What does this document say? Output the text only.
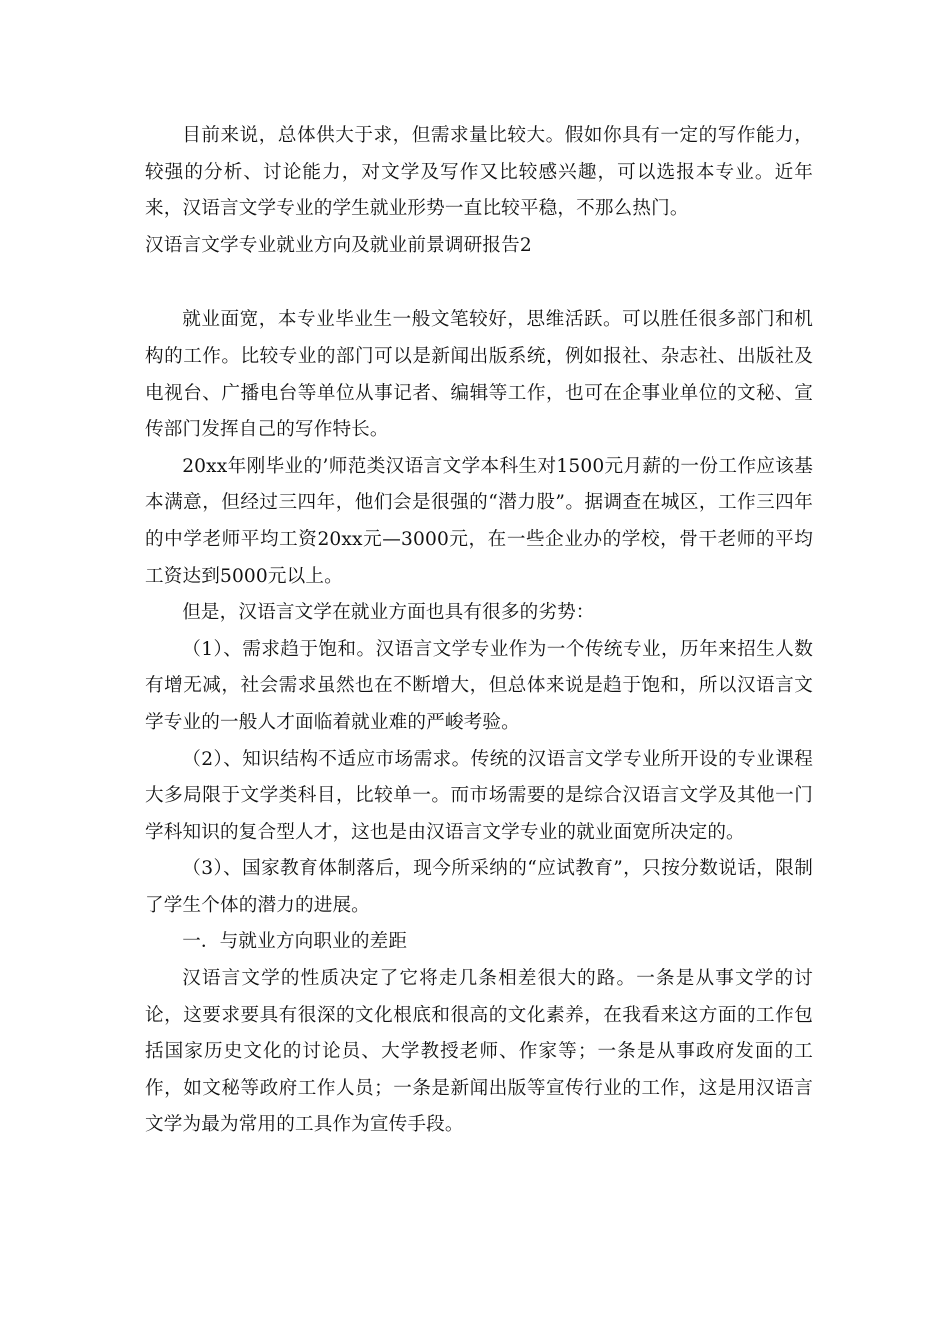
目前来说，总体供大于求，但需求量比较大。假如你具有一定的写作能力，较强的分析、讨论能力，对文学及写作又比较感兴趣，可以选报本专业。近年来，汉语言文学专业的学生就业形势一直比较平稳，不那么热门。

汉语言文学专业就业方向及就业前景调研报告2

就业面宽，本专业毕业生一般文笔较好，思维活跃。可以胜任很多部门和机构的工作。比较专业的部门可以是新闻出版系统，例如报社、杂志社、出版社及电视台、广播电台等单位从事记者、编辑等工作，也可在企事业单位的文秘、宣传部门发挥自己的写作特长。

20xx年刚毕业的’师范类汉语言文学本科生对1500元月薪的一份工作应该基本满意，但经过三四年，他们会是很强的“潜力股”。据调查在城区，工作三四年的中学老师平均工资20xx元—3000元，在一些企业办的学校，骨干老师的平均工资达到5000元以上。

但是，汉语言文学在就业方面也具有很多的劣势：

（1）、需求趋于饱和。汉语言文学专业作为一个传统专业，历年来招生人数有增无减，社会需求虽然也在不断增大，但总体来说是趋于饱和，所以汉语言文学专业的一般人才面临着就业难的严峻考验。

（2）、知识结构不适应市场需求。传统的汉语言文学专业所开设的专业课程大多局限于文学类科目，比较单一。而市场需要的是综合汉语言文学及其他一门学科知识的复合型人才，这也是由汉语言文学专业的就业面宽所决定的。

（3）、国家教育体制落后，现今所采纳的“应试教育”，只按分数说话，限制了学生个体的潜力的进展。

一．与就业方向职业的差距

汉语言文学的性质决定了它将走几条相差很大的路。一条是从事文学的讨论，这要求要具有很深的文化根底和很高的文化素养，在我看来这方面的工作包括国家历史文化的讨论员、大学教授老师、作家等；一条是从事政府发面的工作，如文秘等政府工作人员；一条是新闻出版等宣传行业的工作，这是用汉语言文学为最为常用的工具作为宣传手段。
